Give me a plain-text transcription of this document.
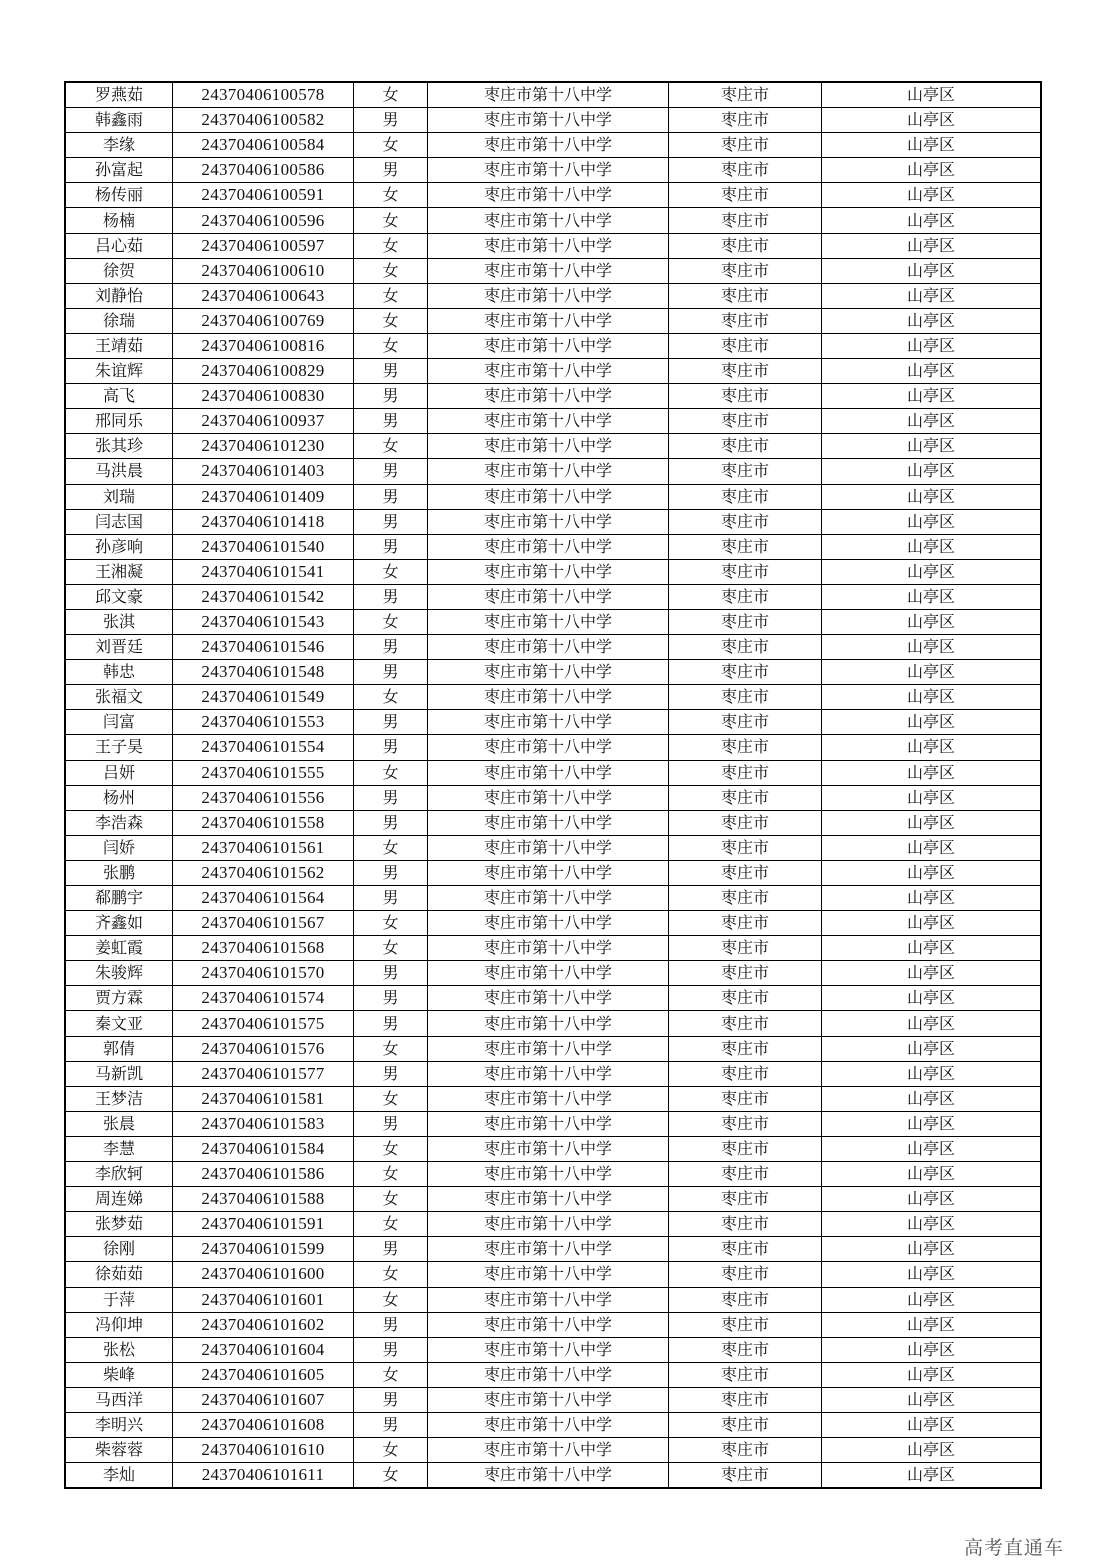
罗燕茹	24370406100578	女	枣庄市第十八中学	枣庄市	山亭区
韩鑫雨	24370406100582	男	枣庄市第十八中学	枣庄市	山亭区
李缘	24370406100584	女	枣庄市第十八中学	枣庄市	山亭区
孙富起	24370406100586	男	枣庄市第十八中学	枣庄市	山亭区
杨传丽	24370406100591	女	枣庄市第十八中学	枣庄市	山亭区
杨楠	24370406100596	女	枣庄市第十八中学	枣庄市	山亭区
吕心茹	24370406100597	女	枣庄市第十八中学	枣庄市	山亭区
徐贺	24370406100610	女	枣庄市第十八中学	枣庄市	山亭区
刘静怡	24370406100643	女	枣庄市第十八中学	枣庄市	山亭区
徐瑞	24370406100769	女	枣庄市第十八中学	枣庄市	山亭区
王靖茹	24370406100816	女	枣庄市第十八中学	枣庄市	山亭区
朱谊辉	24370406100829	男	枣庄市第十八中学	枣庄市	山亭区
高飞	24370406100830	男	枣庄市第十八中学	枣庄市	山亭区
邢同乐	24370406100937	男	枣庄市第十八中学	枣庄市	山亭区
张其珍	24370406101230	女	枣庄市第十八中学	枣庄市	山亭区
马洪晨	24370406101403	男	枣庄市第十八中学	枣庄市	山亭区
刘瑞	24370406101409	男	枣庄市第十八中学	枣庄市	山亭区
闫志国	24370406101418	男	枣庄市第十八中学	枣庄市	山亭区
孙彦响	24370406101540	男	枣庄市第十八中学	枣庄市	山亭区
王湘凝	24370406101541	女	枣庄市第十八中学	枣庄市	山亭区
邱文豪	24370406101542	男	枣庄市第十八中学	枣庄市	山亭区
张淇	24370406101543	女	枣庄市第十八中学	枣庄市	山亭区
刘晋廷	24370406101546	男	枣庄市第十八中学	枣庄市	山亭区
韩忠	24370406101548	男	枣庄市第十八中学	枣庄市	山亭区
张福文	24370406101549	女	枣庄市第十八中学	枣庄市	山亭区
闫富	24370406101553	男	枣庄市第十八中学	枣庄市	山亭区
王子昊	24370406101554	男	枣庄市第十八中学	枣庄市	山亭区
吕妍	24370406101555	女	枣庄市第十八中学	枣庄市	山亭区
杨州	24370406101556	男	枣庄市第十八中学	枣庄市	山亭区
李浩森	24370406101558	男	枣庄市第十八中学	枣庄市	山亭区
闫娇	24370406101561	女	枣庄市第十八中学	枣庄市	山亭区
张鹏	24370406101562	男	枣庄市第十八中学	枣庄市	山亭区
郗鹏宇	24370406101564	男	枣庄市第十八中学	枣庄市	山亭区
齐鑫如	24370406101567	女	枣庄市第十八中学	枣庄市	山亭区
姜虹霞	24370406101568	女	枣庄市第十八中学	枣庄市	山亭区
朱骏辉	24370406101570	男	枣庄市第十八中学	枣庄市	山亭区
贾方霖	24370406101574	男	枣庄市第十八中学	枣庄市	山亭区
秦文亚	24370406101575	男	枣庄市第十八中学	枣庄市	山亭区
郭倩	24370406101576	女	枣庄市第十八中学	枣庄市	山亭区
马新凯	24370406101577	男	枣庄市第十八中学	枣庄市	山亭区
王梦洁	24370406101581	女	枣庄市第十八中学	枣庄市	山亭区
张晨	24370406101583	男	枣庄市第十八中学	枣庄市	山亭区
李慧	24370406101584	女	枣庄市第十八中学	枣庄市	山亭区
李欣轲	24370406101586	女	枣庄市第十八中学	枣庄市	山亭区
周连娣	24370406101588	女	枣庄市第十八中学	枣庄市	山亭区
张梦茹	24370406101591	女	枣庄市第十八中学	枣庄市	山亭区
徐刚	24370406101599	男	枣庄市第十八中学	枣庄市	山亭区
徐茹茹	24370406101600	女	枣庄市第十八中学	枣庄市	山亭区
于萍	24370406101601	女	枣庄市第十八中学	枣庄市	山亭区
冯仰坤	24370406101602	男	枣庄市第十八中学	枣庄市	山亭区
张松	24370406101604	男	枣庄市第十八中学	枣庄市	山亭区
柴峰	24370406101605	女	枣庄市第十八中学	枣庄市	山亭区
马西洋	24370406101607	男	枣庄市第十八中学	枣庄市	山亭区
李明兴	24370406101608	男	枣庄市第十八中学	枣庄市	山亭区
柴蓉蓉	24370406101610	女	枣庄市第十八中学	枣庄市	山亭区
李灿	24370406101611	女	枣庄市第十八中学	枣庄市	山亭区
高考直通车
